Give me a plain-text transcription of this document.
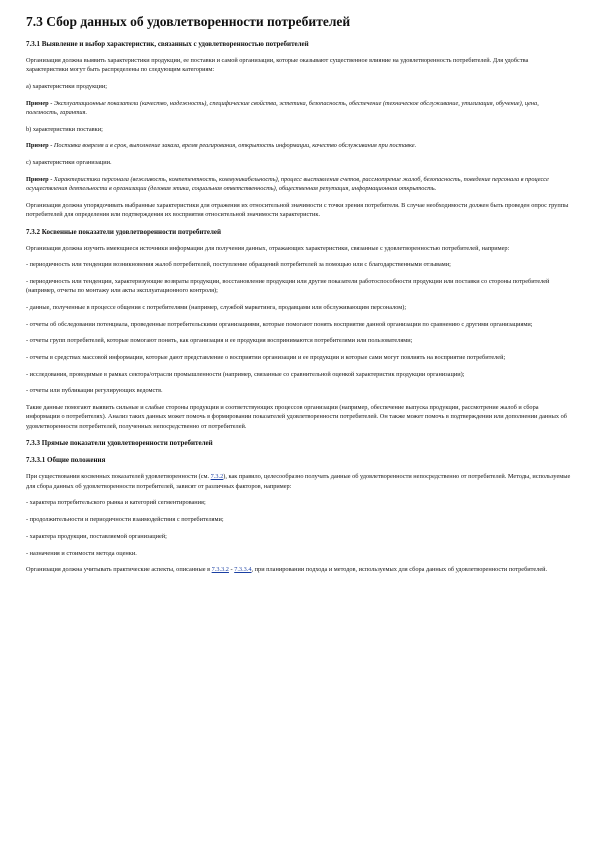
7.3 Сбор данных об удовлетворенности потребителей
7.3.1 Выявление и выбор характеристик, связанных с удовлетворенностью потребителей

Организация должна выявить характеристики продукции, ее поставки и самой организации, которые оказывают существенное влияние на удовлетворенность потребителей. Для удобства характеристики могут быть распределены по следующим категориям:

а) характеристики продукции;

Пример - Эксплуатационные показатели (качество, надежность), специфические свойства, эстетика, безопасность, обеспечение (техническое обслуживание, утилизация, обучение), цена, полезность, гарантия.

b) характеристики поставки;

Пример - Поставка вовремя и в срок, выполнение заказа, время реагирования, открытость информации, качество обслуживания при поставке.

с) характеристики организации.

Пример - Характеристики персонала (вежливость, компетентность, коммуникабельность), процесс выставления счетов, рассмотрение жалоб, безопасность, поведение персонала в процессе осуществления деятельности в организации (деловая этика, социальная ответственность), общественная репутация, информационная открытость.

Организация должна упорядочивать выбранные характеристики для отражения их относительной значимости с точки зрения потребителя. В случае необходимости должен быть проведен опрос группы потребителей для определения или подтверждения их восприятия относительной значимости характеристик.

7.3.2 Косвенные показатели удовлетворенности потребителей

Организация должна изучить имеющиеся источники информации для получения данных, отражающих характеристики, связанные с удовлетворенностью потребителей, например:

- периодичность или тенденции возникновения жалоб потребителей, поступление обращений потребителей за помощью или с благодарственными отзывами;

- периодичность или тенденции, характеризующие возвраты продукции, восстановление продукции или другие показатели работоспособности продукции или поставки со стороны потребителей (например, отчеты по монтажу или акты эксплуатационного контроля);

- данные, полученные в процессе общения с потребителями (например, службой маркетинга, продавцами или обслуживающим персоналом);

- отчеты об обследовании потенциала, проведенные потребительскими организациями, которые помогают понять восприятие данной организации по сравнению с другими организациями;

- отчеты групп потребителей, которые помогают понять, как организация и ее продукция воспринимаются потребителями или пользователями;

- отчеты в средствах массовой информации, которые дают представление о восприятии организации и ее продукции и которые сами могут повлиять на восприятие потребителей;

- исследования, проводимые в рамках сектора/отрасли промышленности (например, связанные со сравнительной оценкой характеристик продукции организации);

- отчеты или публикации регулирующих ведомств.

Такие данные помогают выявить сильные и слабые стороны продукции и соответствующих процессов организации (например, обеспечение выпуска продукции, рассмотрение жалоб и сбора информации о потребителях). Анализ таких данных может помочь в формировании показателей удовлетворенности потребителей. Он также может помочь в подтверждении или дополнении данных об удовлетворенности потребителей, полученных непосредственно от потребителей.

7.3.3 Прямые показатели удовлетворенности потребителей
7.3.3.1 Общие положения

При существовании косвенных показателей удовлетворенности (см. 7.3.2), как правило, целесообразно получать данные об удовлетворенности непосредственно от потребителей. Методы, используемые для сбора данных об удовлетворенности потребителей, зависят от различных факторов, например:

- характера потребительского рынка и категорий сегментирования;

- продолжительности и периодичности взаимодействия с потребителями;

- характера продукции, поставляемой организацией;

- назначения и стоимости метода оценки.

Организация должна учитывать практические аспекты, описанные в 7.3.3.2 - 7.3.3.4, при планировании подхода и методов, используемых для сбора данных об удовлетворенности потребителей.
